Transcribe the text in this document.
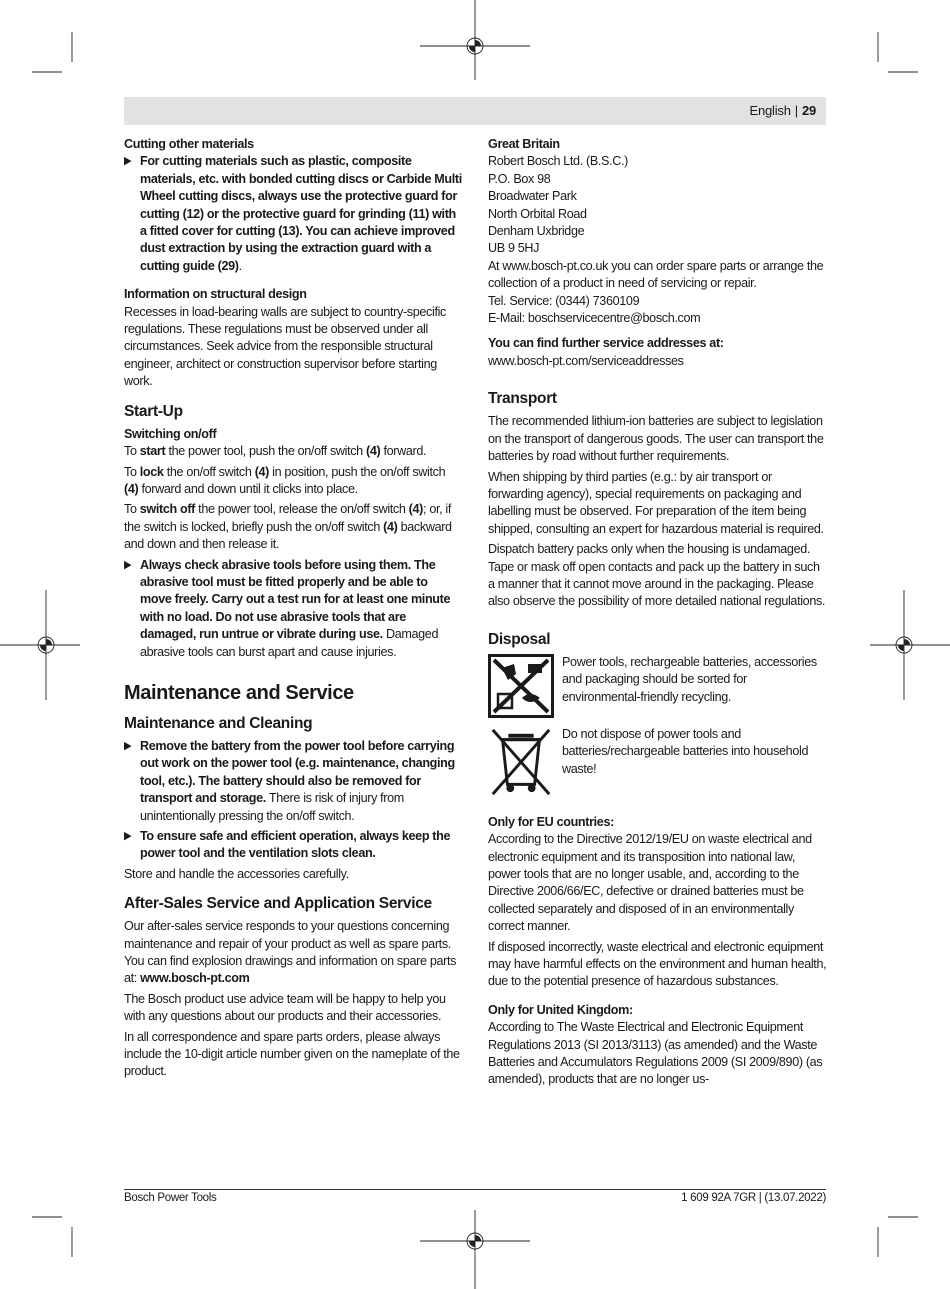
English | 29
Cutting other materials
▶ For cutting materials such as plastic, composite materials, etc. with bonded cutting discs or Carbide Multi Wheel cutting discs, always use the protective guard for cutting (12) or the protective guard for grinding (11) with a fitted cover for cutting (13). You can achieve improved dust extraction by using the extraction guard with a cutting guide (29).
Information on structural design

Recesses in load-bearing walls are subject to country-specific regulations. These regulations must be observed under all circumstances. Seek advice from the responsible structural engineer, architect or construction supervisor before starting work.

Start-Up
Switching on/off

To start the power tool, push the on/off switch (4) forward.

To lock the on/off switch (4) in position, push the on/off switch (4) forward and down until it clicks into place.

To switch off the power tool, release the on/off switch (4); or, if the switch is locked, briefly push the on/off switch (4) backward and down and then release it.

▶ Always check abrasive tools before using them. The abrasive tool must be fitted properly and be able to move freely. Carry out a test run for at least one minute with no load. Do not use abrasive tools that are damaged, run untrue or vibrate during use. Damaged abrasive tools can burst apart and cause injuries.
Maintenance and Service
Maintenance and Cleaning
▶ Remove the battery from the power tool before carrying out work on the power tool (e.g. maintenance, changing tool, etc.). The battery should also be removed for transport and storage. There is risk of injury from unintentionally pressing the on/off switch.
▶ To ensure safe and efficient operation, always keep the power tool and the ventilation slots clean.

Store and handle the accessories carefully.

After-Sales Service and Application Service

Our after-sales service responds to your questions concerning maintenance and repair of your product as well as spare parts. You can find explosion drawings and information on spare parts at: www.bosch-pt.com

The Bosch product use advice team will be happy to help you with any questions about our products and their accessories.

In all correspondence and spare parts orders, please always include the 10-digit article number given on the nameplate of the product.

Great Britain

Robert Bosch Ltd. (B.S.C.)

P.O. Box 98

Broadwater Park

North Orbital Road

Denham Uxbridge

UB 9 5HJ

At www.bosch-pt.co.uk you can order spare parts or arrange the collection of a product in need of servicing or repair.

Tel. Service: (0344) 7360109

E-Mail: boschservicecentre@bosch.com

You can find further service addresses at:

www.bosch-pt.com/serviceaddresses

Transport

The recommended lithium-ion batteries are subject to legislation on the transport of dangerous goods. The user can transport the batteries by road without further requirements.

When shipping by third parties (e.g.: by air transport or forwarding agency), special requirements on packaging and labelling must be observed. For preparation of the item being shipped, consulting an expert for hazardous material is required.

Dispatch battery packs only when the housing is undamaged. Tape or mask off open contacts and pack up the battery in such a manner that it cannot move around in the packaging. Please also observe the possibility of more detailed national regulations.

Disposal
Power tools, rechargeable batteries, accessories and packaging should be sorted for environmental-friendly recycling.
Do not dispose of power tools and batteries/rechargeable batteries into household waste!
Only for EU countries:

According to the Directive 2012/19/EU on waste electrical and electronic equipment and its transposition into national law, power tools that are no longer usable, and, according to the Directive 2006/66/EC, defective or drained batteries must be collected separately and disposed of in an environmentally correct manner.

If disposed incorrectly, waste electrical and electronic equipment may have harmful effects on the environment and human health, due to the potential presence of hazardous substances.

Only for United Kingdom:

According to The Waste Electrical and Electronic Equipment Regulations 2013 (SI 2013/3113) (as amended) and the Waste Batteries and Accumulators Regulations 2009 (SI 2009/890) (as amended), products that are no longer us-

Bosch Power Tools	1 609 92A 7GR | (13.07.2022)
